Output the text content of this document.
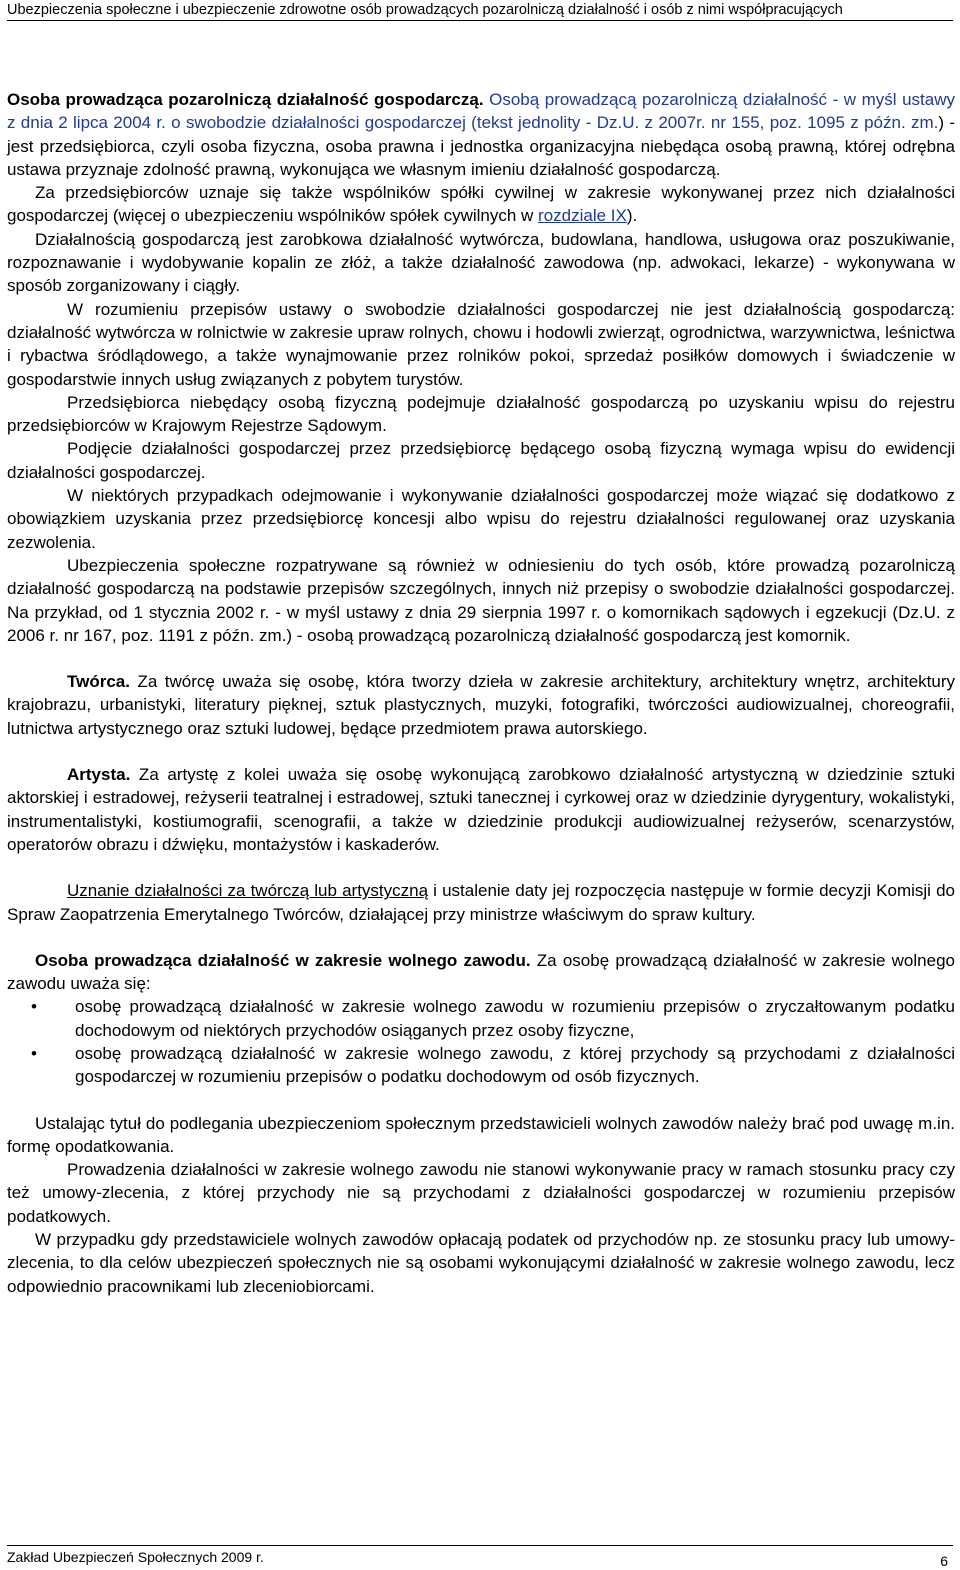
Ubezpieczenia społeczne i ubezpieczenie zdrowotne osób prowadzących pozarolniczą działalność i osób z nimi współpracujących

Osoba prowadząca pozarolniczą działalność gospodarczą. Osobą prowadzącą pozarolniczą działalność - w myśl ustawy z dnia 2 lipca 2004 r. o swobodzie działalności gospodarczej (tekst jednolity - Dz.U. z 2007r. nr 155, poz. 1095 z późn. zm.) - jest przedsiębiorca, czyli osoba fizyczna, osoba prawna i jednostka organizacyjna niebędąca osobą prawną, której odrębna ustawa przyznaje zdolność prawną, wykonująca we własnym imieniu działalność gospodarczą.

Za przedsiębiorców uznaje się także wspólników spółki cywilnej w zakresie wykonywanej przez nich działalności gospodarczej (więcej o ubezpieczeniu wspólników spółek cywilnych w rozdziale IX).

Działalnością gospodarczą jest zarobkowa działalność wytwórcza, budowlana, handlowa, usługowa oraz poszukiwanie, rozpoznawanie i wydobywanie kopalin ze złóż, a także działalność zawodowa (np. adwokaci, lekarze) - wykonywana w sposób zorganizowany i ciągły.

W rozumieniu przepisów ustawy o swobodzie działalności gospodarczej nie jest działalnością gospodarczą: działalność wytwórcza w rolnictwie w zakresie upraw rolnych, chowu i hodowli zwierząt, ogrodnictwa, warzywnictwa, leśnictwa i rybactwa śródlądowego, a także wynajmowanie przez rolników pokoi, sprzedaż posiłków domowych i świadczenie w gospodarstwie innych usług związanych z pobytem turystów.

Przedsiębiorca niebędący osobą fizyczną podejmuje działalność gospodarczą po uzyskaniu wpisu do rejestru przedsiębiorców w Krajowym Rejestrze Sądowym.

Podjęcie działalności gospodarczej przez przedsiębiorcę będącego osobą fizyczną wymaga wpisu do ewidencji działalności gospodarczej.

W niektórych przypadkach odejmowanie i wykonywanie działalności gospodarczej może wiązać się dodatkowo z obowiązkiem uzyskania przez przedsiębiorcę koncesji albo wpisu do rejestru działalności regulowanej oraz uzyskania zezwolenia.

Ubezpieczenia społeczne rozpatrywane są również w odniesieniu do tych osób, które prowadzą pozarolniczą działalność gospodarczą na podstawie przepisów szczególnych, innych niż przepisy o swobodzie działalności gospodarczej. Na przykład, od 1 stycznia 2002 r. - w myśl ustawy z dnia 29 sierpnia 1997 r. o komornikach sądowych i egzekucji (Dz.U. z 2006 r. nr 167, poz. 1191 z późn. zm.) - osobą prowadzącą pozarolniczą działalność gospodarczą jest komornik.

Twórca. Za twórcę uważa się osobę, która tworzy dzieła w zakresie architektury, architektury wnętrz, architektury krajobrazu, urbanistyki, literatury pięknej, sztuk plastycznych, muzyki, fotografiki, twórczości audiowizualnej, choreografii, lutnictwa artystycznego oraz sztuki ludowej, będące przedmiotem prawa autorskiego.

Artysta. Za artystę z kolei uważa się osobę wykonującą zarobkowo działalność artystyczną w dziedzinie sztuki aktorskiej i estradowej, reżyserii teatralnej i estradowej, sztuki tanecznej i cyrkowej oraz w dziedzinie dyrygentury, wokalistyki, instrumentalistyki, kostiumografii, scenografii, a także w dziedzinie produkcji audiowizualnej reżyserów, scenarzystów, operatorów obrazu i dźwięku, montażystów i kaskaderów.

Uznanie działalności za twórczą lub artystyczną i ustalenie daty jej rozpoczęcia następuje w formie decyzji Komisji do Spraw Zaopatrzenia Emerytalnego Twórców, działającej przy ministrze właściwym do spraw kultury.

Osoba prowadząca działalność w zakresie wolnego zawodu. Za osobę prowadzącą działalność w zakresie wolnego zawodu uważa się:

• osobę prowadzącą działalność w zakresie wolnego zawodu w rozumieniu przepisów o zryczałtowanym podatku dochodowym od niektórych przychodów osiąganych przez osoby fizyczne,
• osobę prowadzącą działalność w zakresie wolnego zawodu, z której przychody są przychodami z działalności gospodarczej w rozumieniu przepisów o podatku dochodowym od osób fizycznych.

Ustalając tytuł do podlegania ubezpieczeniom społecznym przedstawicieli wolnych zawodów należy brać pod uwagę m.in. formę opodatkowania.

Prowadzenia działalności w zakresie wolnego zawodu nie stanowi wykonywanie pracy w ramach stosunku pracy czy też umowy-zlecenia, z której przychody nie są przychodami z działalności gospodarczej w rozumieniu przepisów podatkowych.

W przypadku gdy przedstawiciele wolnych zawodów opłacają podatek od przychodów np. ze stosunku pracy lub umowy-zlecenia, to dla celów ubezpieczeń społecznych nie są osobami wykonującymi działalność w zakresie wolnego zawodu, lecz odpowiednio pracownikami lub zleceniobiorcami.

Zakład Ubezpieczeń Społecznych 2009 r.	6
